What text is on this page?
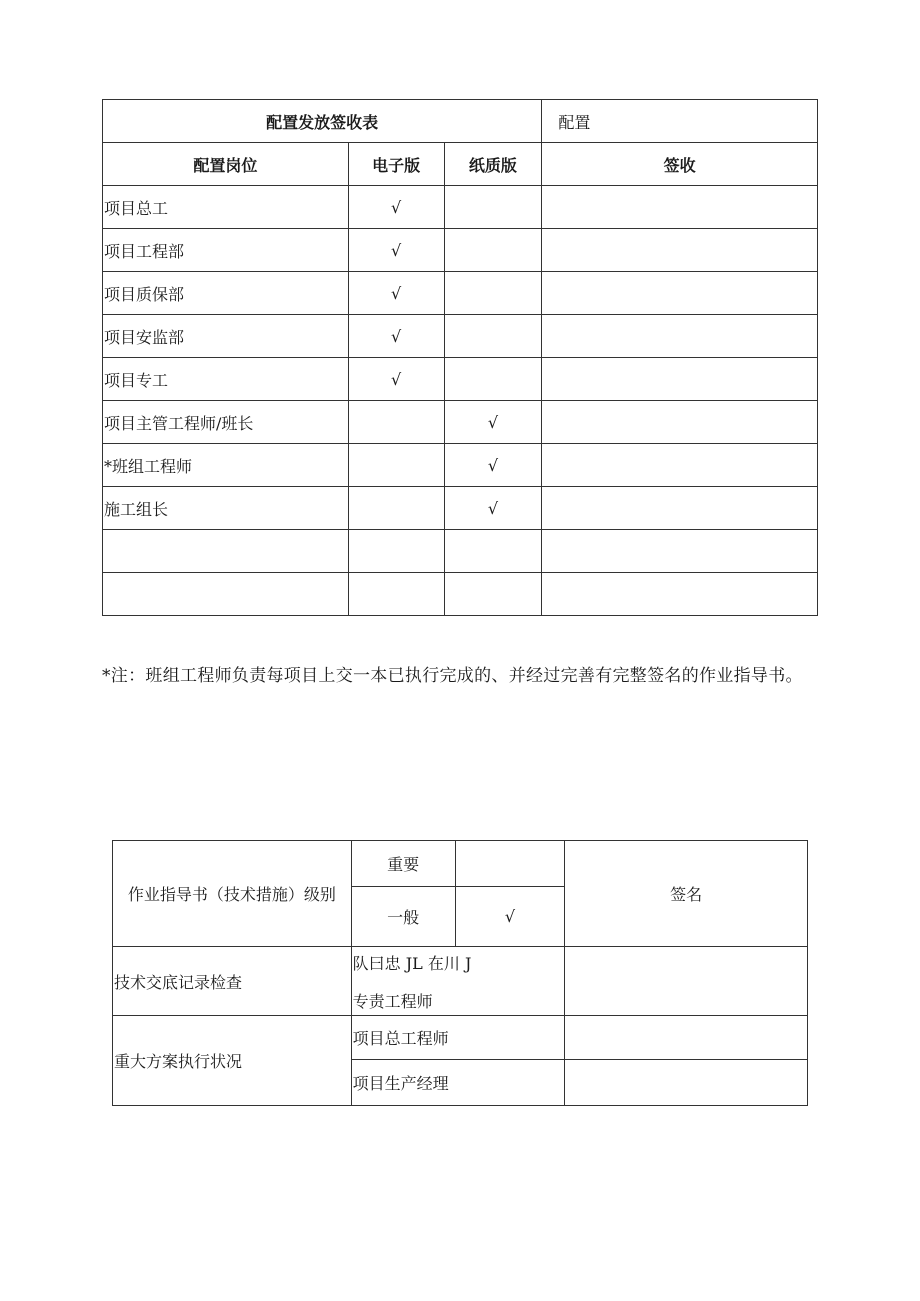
配置发放签收表			配置
配置岗位	电子版	纸质版	签收
项目总工	√		
项目工程部	√		
项目质保部	√		
项目安监部	√		
项目专工	√		
项目主管工程师/班长		√	
*班组工程师		√	
施工组长		√	

*注：班组工程师负责每项目上交一本已执行完成的、并经过完善有完整签名的作业指导书。
作业指导书（技术措施）级别	重要		签名
	一般	√	
技术交底记录检查	队曰忠 JL 在川 J
专责工程师		

重大方案执行状况	项目总工程师		
	项目生产经理		
